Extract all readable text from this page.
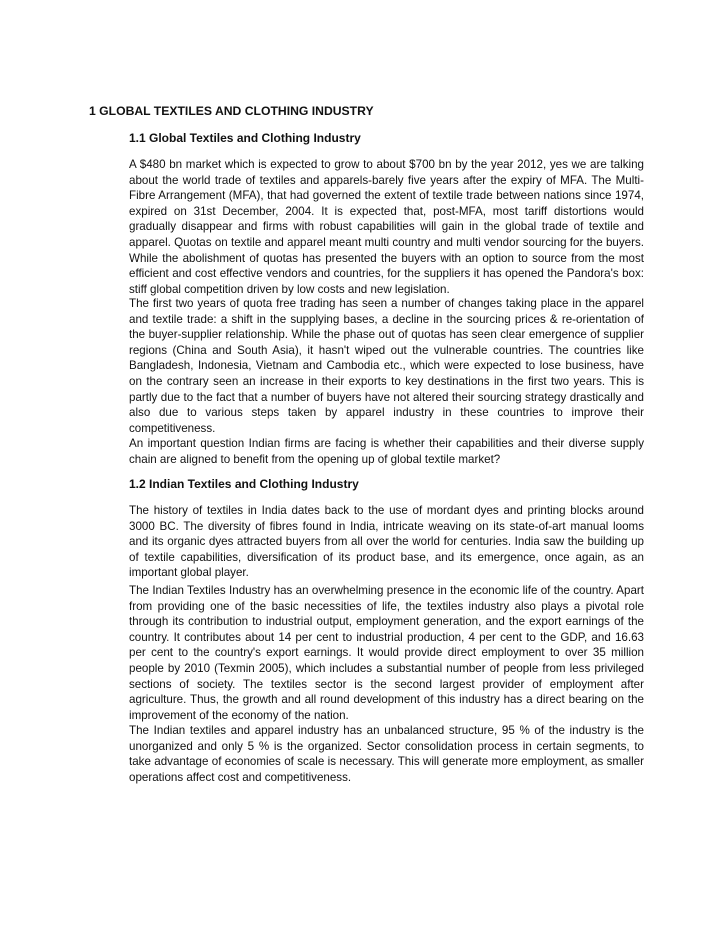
1 GLOBAL TEXTILES AND CLOTHING INDUSTRY
1.1 Global Textiles and Clothing Industry

A $480 bn market which is expected to grow to about $700 bn by the year 2012, yes we are talking about the world trade of textiles and apparels-barely five years after the expiry of MFA. The Multi-Fibre Arrangement (MFA), that had governed the extent of textile trade between nations since 1974, expired on 31st December, 2004. It is expected that, post-MFA, most tariff distortions would gradually disappear and firms with robust capabilities will gain in the global trade of textile and apparel. Quotas on textile and apparel meant multi country and multi vendor sourcing for the buyers. While the abolishment of quotas has presented the buyers with an option to source from the most efficient and cost effective vendors and countries, for the suppliers it has opened the Pandora's box: stiff global competition driven by low costs and new legislation.

The first two years of quota free trading has seen a number of changes taking place in the apparel and textile trade: a shift in the supplying bases, a decline in the sourcing prices & re-orientation of the buyer-supplier relationship. While the phase out of quotas has seen clear emergence of supplier regions (China and South Asia), it hasn't wiped out the vulnerable countries. The countries like Bangladesh, Indonesia, Vietnam and Cambodia etc., which were expected to lose business, have on the contrary seen an increase in their exports to key destinations in the first two years. This is partly due to the fact that a number of buyers have not altered their sourcing strategy drastically and also due to various steps taken by apparel industry in these countries to improve their competitiveness.

An important question Indian firms are facing is whether their capabilities and their diverse supply chain are aligned to benefit from the opening up of global textile market?

1.2 Indian Textiles and Clothing Industry

The history of textiles in India dates back to the use of mordant dyes and printing blocks around 3000 BC. The diversity of fibres found in India, intricate weaving on its state-of-art manual looms and its organic dyes attracted buyers from all over the world for centuries. India saw the building up of textile capabilities, diversification of its product base, and its emergence, once again, as an important global player.

The Indian Textiles Industry has an overwhelming presence in the economic life of the country. Apart from providing one of the basic necessities of life, the textiles industry also plays a pivotal role through its contribution to industrial output, employment generation, and the export earnings of the country. It contributes about 14 per cent to industrial production, 4 per cent to the GDP, and 16.63 per cent to the country's export earnings. It would provide direct employment to over 35 million people by 2010 (Texmin 2005), which includes a substantial number of people from less privileged sections of society. The textiles sector is the second largest provider of employment after agriculture. Thus, the growth and all round development of this industry has a direct bearing on the improvement of the economy of the nation.

The Indian textiles and apparel industry has an unbalanced structure, 95 % of the industry is the unorganized and only 5 % is the organized. Sector consolidation process in certain segments, to take advantage of economies of scale is necessary. This will generate more employment, as smaller operations affect cost and competitiveness.
